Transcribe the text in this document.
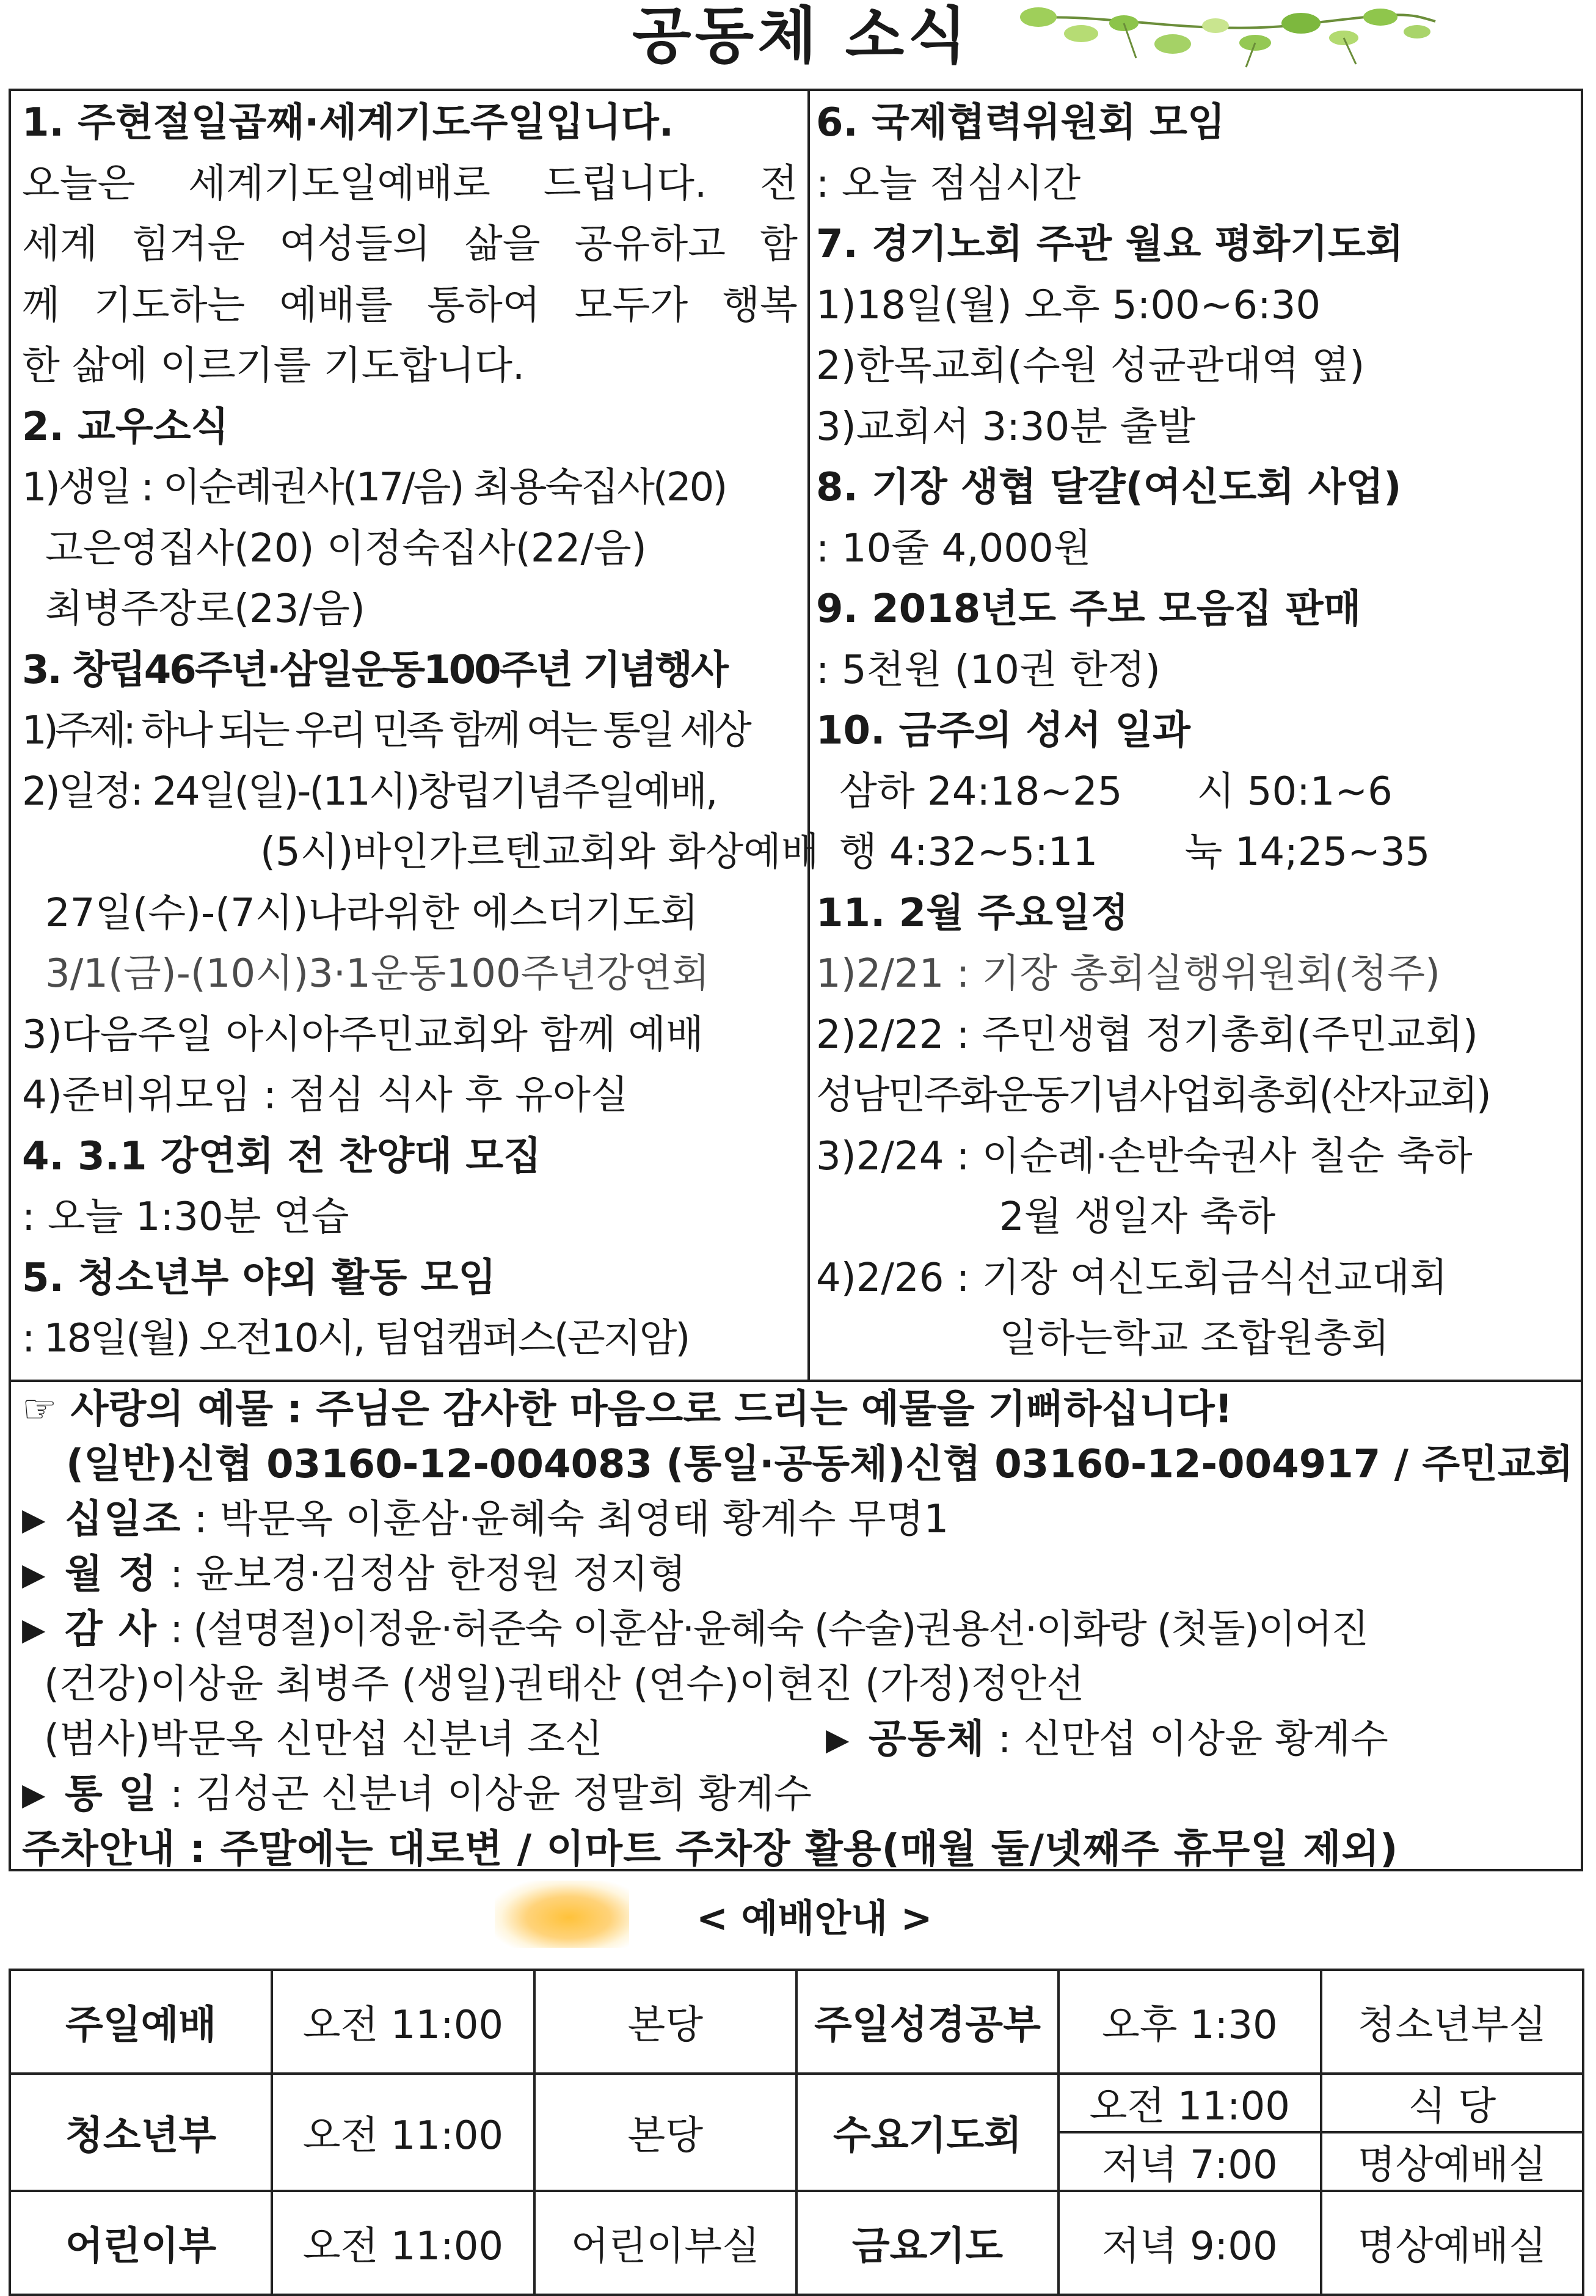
공동체 소식
1. 주현절일곱째·세계기도주일입니다.
오늘은 세계기도일예배로 드립니다. 전
세계 힘겨운 여성들의 삶을 공유하고 함
께 기도하는 예배를 통하여 모두가 행복
한 삶에 이르기를 기도합니다.
2. 교우소식
1)생일 : 이순례권사(17/음) 최용숙집사(20)
고은영집사(20) 이정숙집사(22/음)
최병주장로(23/음)
3. 창립46주년·삼일운동100주년 기념행사
1)주제: 하나 되는 우리 민족 함께 여는 통일 세상
2)일정: 24일(일)-(11시)창립기념주일예배,
(5시)바인가르텐교회와 화상예배
27일(수)-(7시)나라위한 에스더기도회
3/1(금)-(10시)3·1운동100주년강연회
3)다음주일 아시아주민교회와 함께 예배
4)준비위모임 : 점심 식사 후 유아실
4. 3.1 강연회 전 찬양대 모집
: 오늘 1:30분 연습
5. 청소년부 야외 활동 모임
: 18일(월) 오전10시, 팀업캠퍼스(곤지암)
6. 국제협력위원회 모임
: 오늘 점심시간
7. 경기노회 주관 월요 평화기도회
1)18일(월) 오후 5:00~6:30
2)한목교회(수원 성균관대역 옆)
3)교회서 3:30분 출발
8. 기장 생협 달걀(여신도회 사업)
: 10줄 4,000원
9. 2018년도 주보 모음집 판매
: 5천원 (10권 한정)
10. 금주의 성서 일과
삼하 24:18~25      시 50:1~6
행 4:32~5:11       눅 14;25~35
11. 2월 주요일정
1)2/21 : 기장 총회실행위원회(청주)
2)2/22 : 주민생협 정기총회(주민교회)
성남민주화운동기념사업회총회(산자교회)
3)2/24 : 이순례·손반숙권사 칠순 축하
2월 생일자 축하
4)2/26 : 기장 여신도회금식선교대회
일하는학교 조합원총회
☞ 사랑의 예물 : 주님은 감사한 마음으로 드리는 예물을 기뻐하십니다!
(일반)신협 03160-12-004083 (통일·공동체)신협 03160-12-004917 / 주민교회
▶ 십일조 : 박문옥 이훈삼·윤혜숙 최영태 황계수 무명1
▶ 월 정 : 윤보경·김정삼 한정원 정지형
▶ 감 사 : (설명절)이정윤·허준숙 이훈삼·윤혜숙 (수술)권용선·이화랑 (첫돌)이어진
(건강)이상윤 최병주 (생일)권태산 (연수)이현진 (가정)정안선
(범사)박문옥 신만섭 신분녀 조신	▶ 공동체 : 신만섭 이상윤 황계수
▶ 통 일 : 김성곤 신분녀 이상윤 정말희 황계수
주차안내 : 주말에는 대로변 / 이마트 주차장 활용(매월 둘/넷째주 휴무일 제외)
< 예배안내 >
주일예배	오전 11:00	본당	주일성경공부	오후 1:30	청소년부실
청소년부	오전 11:00	본당	수요기도회	오전 11:00	식 당
				저녁 7:00	명상예배실
어린이부	오전 11:00	어린이부실	금요기도	저녁 9:00	명상예배실
